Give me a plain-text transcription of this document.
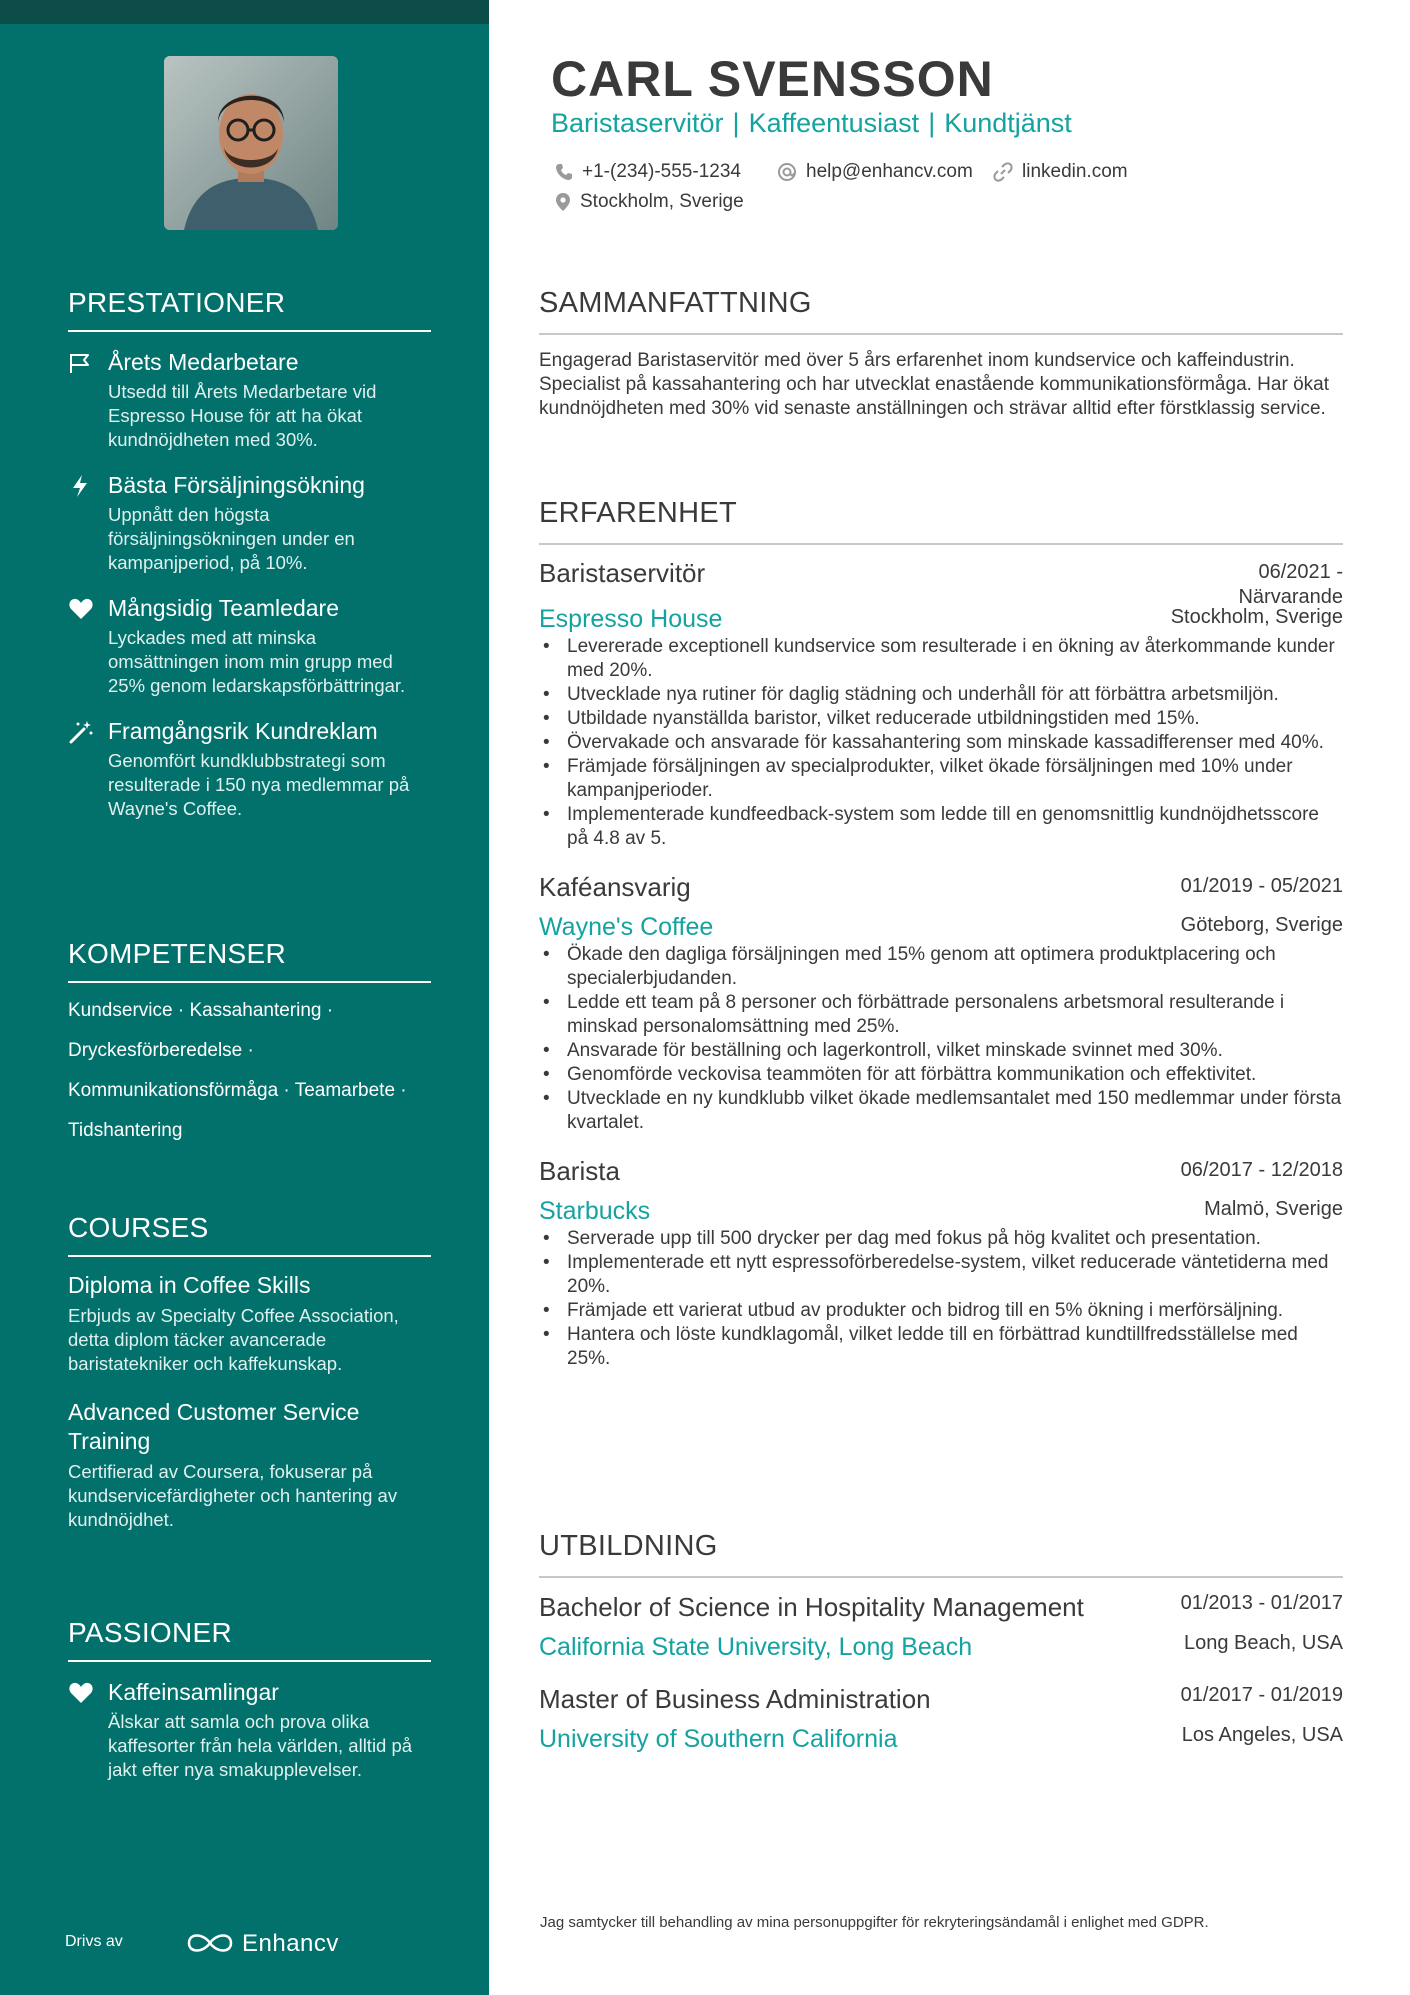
PRESTATIONER
Årets Medarbetare
Utsedd till Årets Medarbetare vid Espresso House för att ha ökat kundnöjdheten med 30%.
Bästa Försäljningsökning
Uppnått den högsta försäljningsökningen under en kampanjperiod, på 10%.
Mångsidig Teamledare
Lyckades med att minska omsättningen inom min grupp med 25% genom ledarskapsförbättringar.
Framgångsrik Kundreklam
Genomfört kundklubbstrategi som resulterade i 150 nya medlemmar på Wayne's Coffee.
KOMPETENSER
Kundservice · Kassahantering ·
Dryckesförberedelse ·
Kommunikationsförmåga · Teamarbete ·
Tidshantering
COURSES
Diploma in Coffee Skills
Erbjuds av Specialty Coffee Association, detta diplom täcker avancerade baristatekniker och kaffekunskap.
Advanced Customer Service Training
Certifierad av Coursera, fokuserar på kundservicefärdigheter och hantering av kundnöjdhet.
PASSIONER
Kaffeinsamlingar
Älskar att samla och prova olika kaffesorter från hela världen, alltid på jakt efter nya smakupplevelser.
Drivs av	Enhancv
CARL SVENSSON
Baristaservitör | Kaffeentusiast | Kundtjänst
+1-(234)-555-1234	help@enhancv.com	linkedin.com
Stockholm, Sverige
SAMMANFATTNING
Engagerad Baristaservitör med över 5 års erfarenhet inom kundservice och kaffeindustrin. Specialist på kassahantering och har utvecklat enastående kommunikationsförmåga. Har ökat kundnöjdheten med 30% vid senaste anställningen och strävar alltid efter förstklassig service.
ERFARENHET
Baristaservitör	06/2021 -
Närvarande
Espresso House	Stockholm, Sverige
• Levererade exceptionell kundservice som resulterade i en ökning av återkommande kunder med 20%.
• Utvecklade nya rutiner för daglig städning och underhåll för att förbättra arbetsmiljön.
• Utbildade nyanställda baristor, vilket reducerade utbildningstiden med 15%.
• Övervakade och ansvarade för kassahantering som minskade kassadifferenser med 40%.
• Främjade försäljningen av specialprodukter, vilket ökade försäljningen med 10% under kampanjperioder.
• Implementerade kundfeedback-system som ledde till en genomsnittlig kundnöjdhetsscore på 4.8 av 5.
Kaféansvarig	01/2019 - 05/2021
Wayne's Coffee	Göteborg, Sverige
• Ökade den dagliga försäljningen med 15% genom att optimera produktplacering och specialerbjudanden.
• Ledde ett team på 8 personer och förbättrade personalens arbetsmoral resulterande i minskad personalomsättning med 25%.
• Ansvarade för beställning och lagerkontroll, vilket minskade svinnet med 30%.
• Genomförde veckovisa teammöten för att förbättra kommunikation och effektivitet.
• Utvecklade en ny kundklubb vilket ökade medlemsantalet med 150 medlemmar under första kvartalet.
Barista	06/2017 - 12/2018
Starbucks	Malmö, Sverige
• Serverade upp till 500 drycker per dag med fokus på hög kvalitet och presentation.
• Implementerade ett nytt espressoförberedelse-system, vilket reducerade väntetiderna med 20%.
• Främjade ett varierat utbud av produkter och bidrog till en 5% ökning i merförsäljning.
• Hantera och löste kundklagomål, vilket ledde till en förbättrad kundtillfredsställelse med 25%.
UTBILDNING
Bachelor of Science in Hospitality Management	01/2013 - 01/2017
California State University, Long Beach	Long Beach, USA
Master of Business Administration	01/2017 - 01/2019
University of Southern California	Los Angeles, USA
Jag samtycker till behandling av mina personuppgifter för rekryteringsändamål i enlighet med GDPR.
